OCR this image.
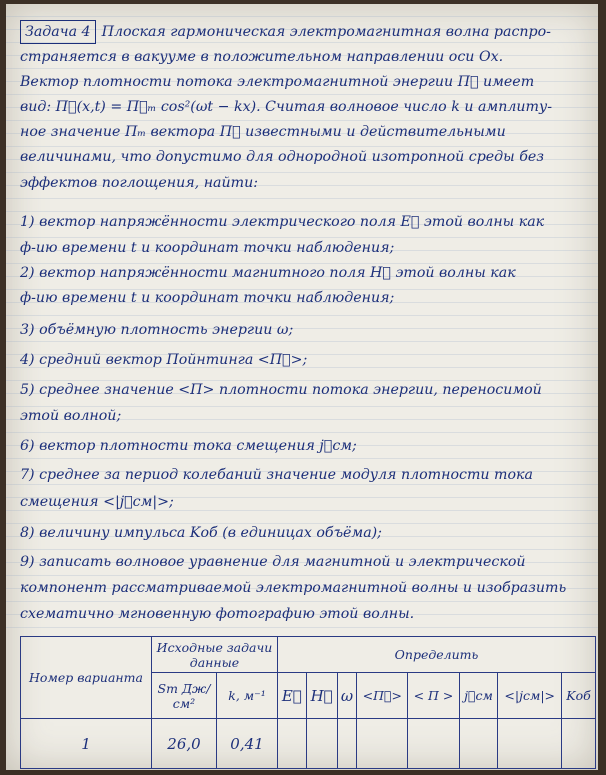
Задача 4 Плоская гармоническая электромагнитная волна распро-
страняется в вакууме в положительном направлении оси Ox.
Вектор плотности потока электромагнитной энергии П⃗ имеет
вид: П⃗(x,t) = П⃗ₘ cos²(ωt − kx). Считая волновое число k и амплиту-
ное значение Пₘ вектора П⃗ известными и действительными
величинами, что допустимо для однородной изотропной среды без
эффектов поглощения, найти:
1) вектор напряжённости электрического поля E⃗ этой волны как
ф-ию времени t и координат точки наблюдения;
2) вектор напряжённости магнитного поля H⃗ этой волны как
ф-ию времени t и координат точки наблюдения;
3) объёмную плотность энергии ω;
4) средний вектор Пойнтинга <П⃗>;
5) среднее значение <П> плотности потока энергии, переносимой
этой волной;
6) вектор плотности тока смещения j⃗см;
7) среднее за период колебаний значение модуля плотности тока
смещения <|j⃗см|>;
8) величину импульса Kоб (в единицах объёма);
9) записать волновое уравнение для магнитной и электрической
компонент рассматриваемой электромагнитной волны и изобразить
схематично мгновенную фотографию этой волны.
Номер варианта	Исходные задачи данные		Определить							
	Sm Дж/см²	k, м⁻¹	E⃗	H⃗	ω	<П⃗>	< П >	j⃗см	<|jсм|>	Kоб
1	26,0	0,41								
